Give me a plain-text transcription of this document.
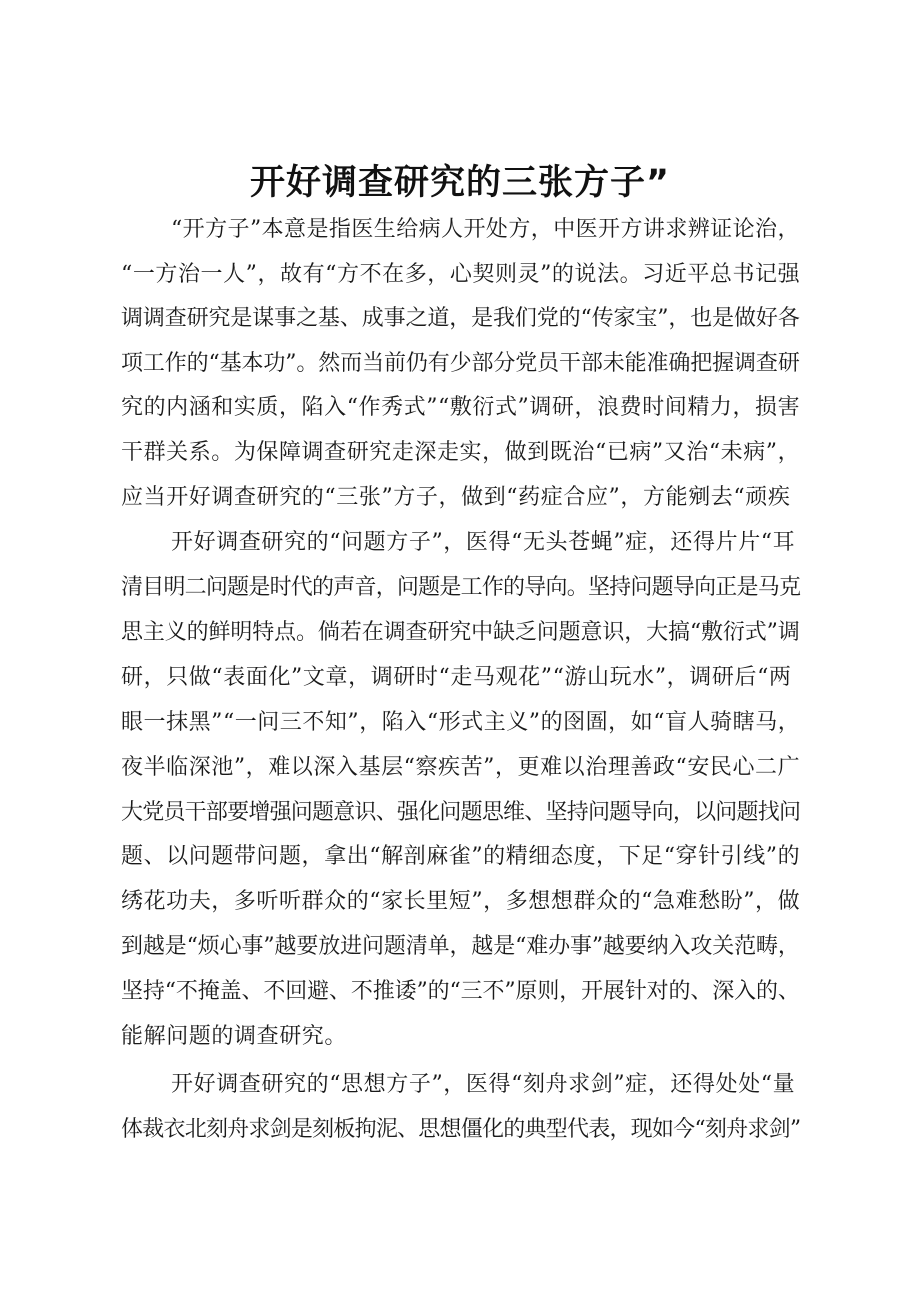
开好调查研究的三张方子”
“开方子”本意是指医生给病人开处方，中医开方讲求辨证论治，
“一方治一人”，故有“方不在多，心契则灵”的说法。习近平总书记强
调调查研究是谋事之基、成事之道，是我们党的“传家宝”，也是做好各
项工作的“基本功”。然而当前仍有少部分党员干部未能准确把握调查研
究的内涵和实质，陷入“作秀式”“敷衍式”调研，浪费时间精力，损害
干群关系。为保障调查研究走深走实，做到既治“已病”又治“未病”，
应当开好调查研究的“三张”方子，做到“药症合应”，方能剜去“顽疾
开好调查研究的“问题方子”，医得“无头苍蝇”症，还得片片“耳
清目明二问题是时代的声音，问题是工作的导向。坚持问题导向正是马克
思主义的鲜明特点。倘若在调查研究中缺乏问题意识，大搞“敷衍式”调
研，只做“表面化”文章，调研时“走马观花”“游山玩水”，调研后“两
眼一抹黑”“一问三不知”，陷入“形式主义”的囹圄，如“盲人骑瞎马，
夜半临深池”，难以深入基层“察疾苦”，更难以治理善政“安民心二广
大党员干部要增强问题意识、强化问题思维、坚持问题导向，以问题找问
题、以问题带问题，拿出“解剖麻雀”的精细态度，下足“穿针引线”的
绣花功夫，多听听群众的“家长里短”，多想想群众的“急难愁盼”，做
到越是“烦心事”越要放进问题清单，越是“难办事”越要纳入攻关范畴，
坚持“不掩盖、不回避、不推诿”的“三不”原则，开展针对的、深入的、
能解问题的调查研究。
开好调查研究的“思想方子”，医得“刻舟求剑”症，还得处处“量
体裁衣北刻舟求剑是刻板拘泥、思想僵化的典型代表，现如今“刻舟求剑”
